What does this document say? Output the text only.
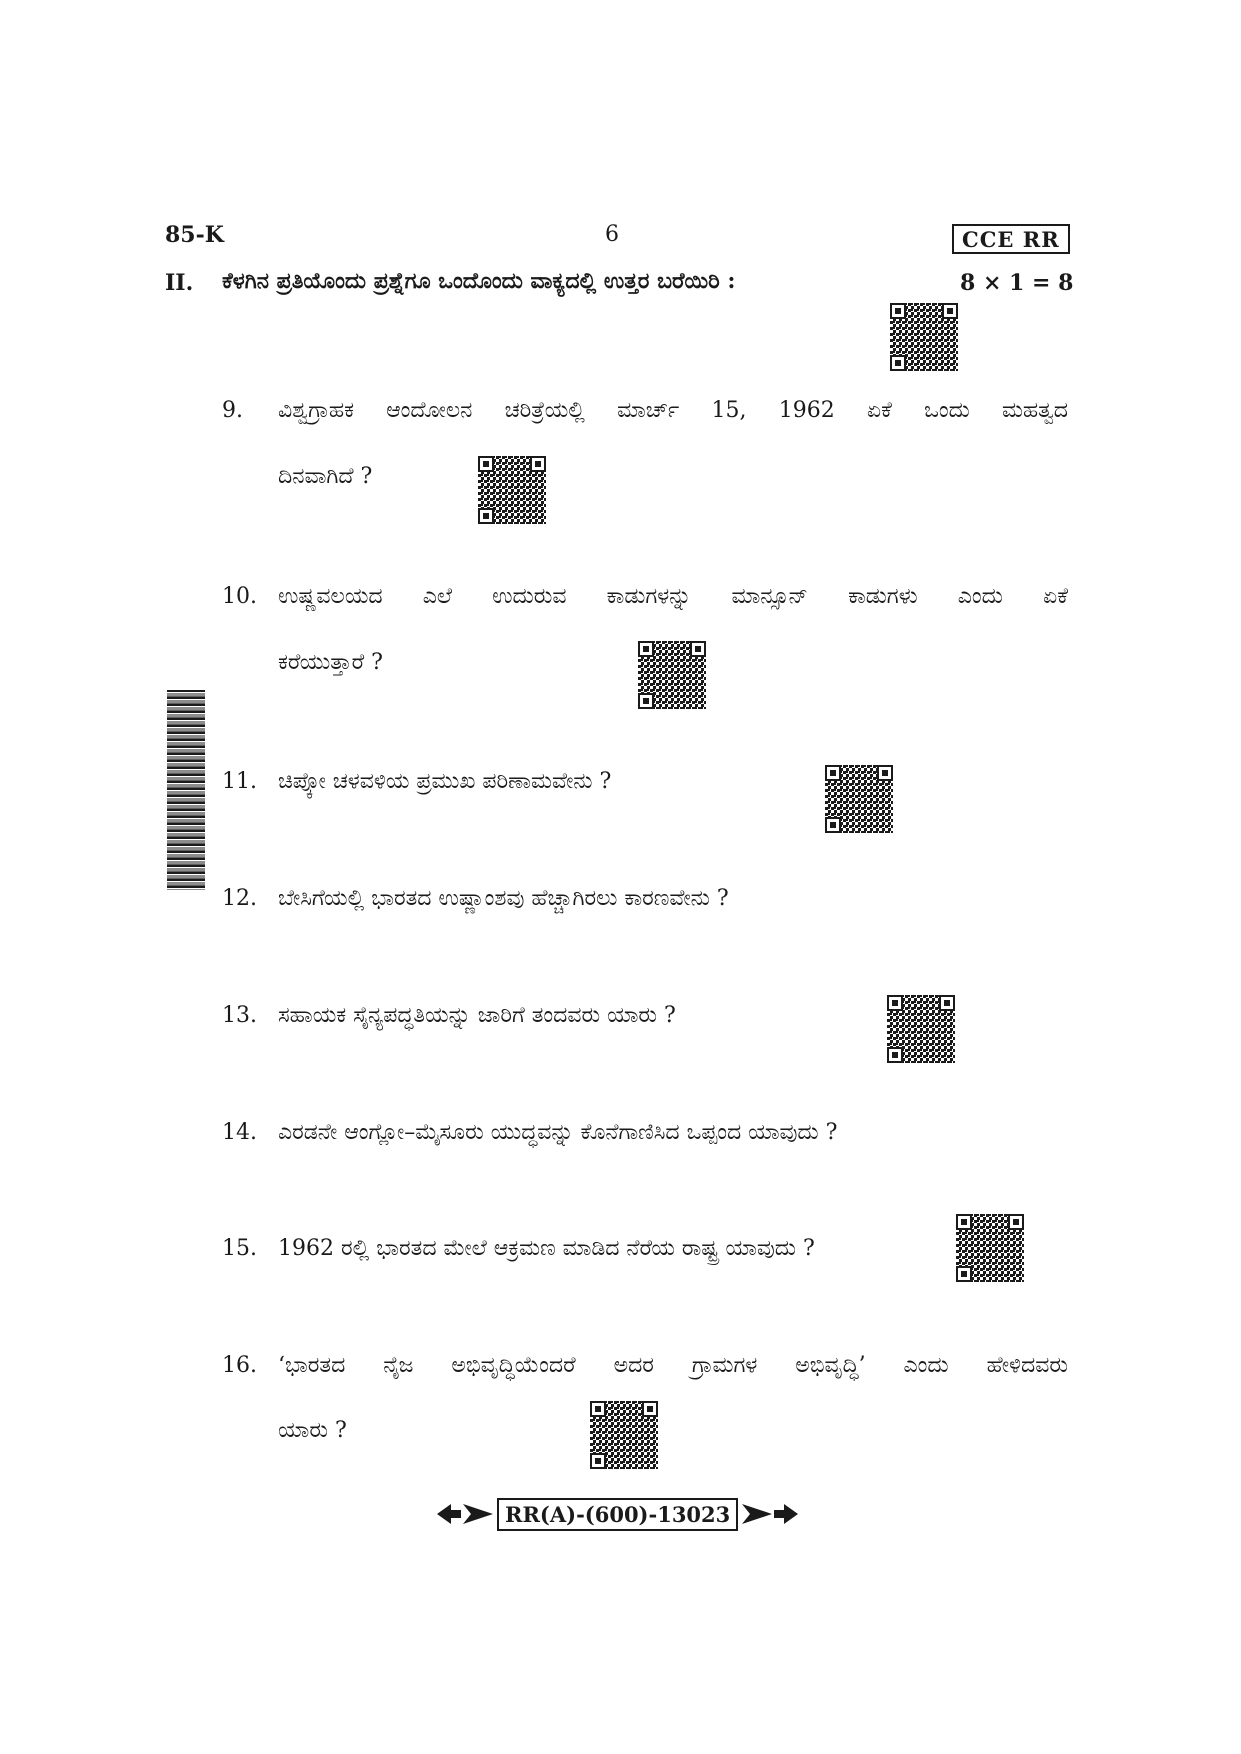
85-K	6	CCE RR
II. ಕೆಳಗಿನ ಪ್ರತಿಯೊಂದು ಪ್ರಶ್ನೆಗೂ ಒಂದೊಂದು ವಾಕ್ಯದಲ್ಲಿ ಉತ್ತರ ಬರೆಯಿರಿ :	8 × 1 = 8
9.	ವಿಶ್ವಗ್ರಾಹಕ ಆಂದೋಲನ ಚರಿತ್ರೆಯಲ್ಲಿ ಮಾರ್ಚ್ 15, 1962 ಏಕೆ ಒಂದು ಮಹತ್ವದ
ದಿನವಾಗಿದೆ ?
10. ಉಷ್ಣವಲಯದ ಎಲೆ ಉದುರುವ ಕಾಡುಗಳನ್ನು ಮಾನ್ಸೂನ್ ಕಾಡುಗಳು ಎಂದು ಏಕೆ
ಕರೆಯುತ್ತಾರೆ ?
11. ಚಿಪ್ಕೋ ಚಳವಳಿಯ ಪ್ರಮುಖ ಪರಿಣಾಮವೇನು ?
12. ಬೇಸಿಗೆಯಲ್ಲಿ ಭಾರತದ ಉಷ್ಣಾಂಶವು ಹೆಚ್ಚಾಗಿರಲು ಕಾರಣವೇನು ?
13. ಸಹಾಯಕ ಸೈನ್ಯಪದ್ಧತಿಯನ್ನು ಜಾರಿಗೆ ತಂದವರು ಯಾರು ?
14. ಎರಡನೇ ಆಂಗ್ಲೋ–ಮೈಸೂರು ಯುದ್ಧವನ್ನು ಕೊನೆಗಾಣಿಸಿದ ಒಪ್ಪಂದ ಯಾವುದು ?
15. 1962 ರಲ್ಲಿ ಭಾರತದ ಮೇಲೆ ಆಕ್ರಮಣ ಮಾಡಿದ ನೆರೆಯ ರಾಷ್ಟ್ರ ಯಾವುದು ?
16. ‘ಭಾರತದ ನೈಜ ಅಭಿವೃದ್ಧಿಯೆಂದರೆ ಅದರ ಗ್ರಾಮಗಳ ಅಭಿವೃದ್ಧಿ’ ಎಂದು ಹೇಳಿದವರು
ಯಾರು ?
RR(A)-(600)-13023
